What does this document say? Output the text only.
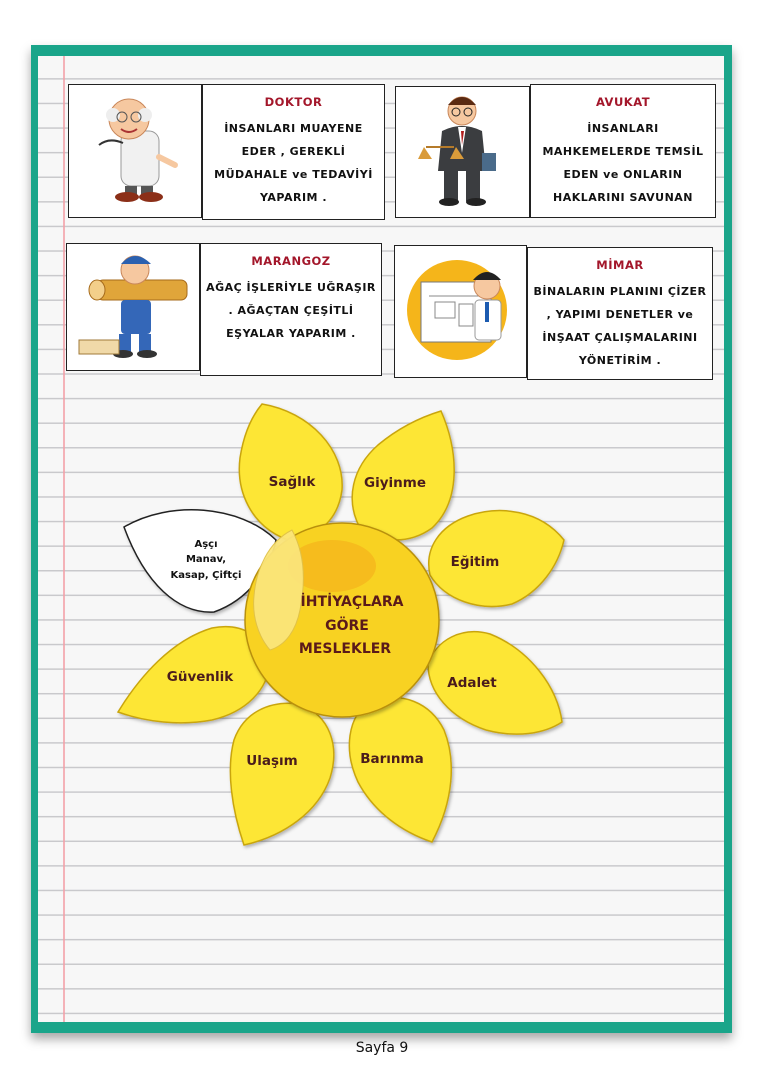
DOKTOR
İNSANLARI MUAYENE
EDER , GEREKLİ
MÜDAHALE ve TEDAVİYİ
YAPARIM .
AVUKAT
İNSANLARI
MAHKEMELERDE TEMSİL
EDEN ve ONLARIN
HAKLARINI SAVUNAN
MARANGOZ
AĞAÇ İŞLERİYLE UĞRAŞIR
. AĞAÇTAN ÇEŞİTLİ
EŞYALAR YAPARIM .
MİMAR
BİNALARIN PLANINI ÇİZER
, YAPIMI DENETLER ve
İNŞAAT ÇALIŞMALARINI
YÖNETİRİM .
İHTİYAÇLARA
GÖRE
MESLEKLER
Sağlık	Giyinme
Eğitim
Adalet
Barınma
Ulaşım
Güvenlik
Aşçı
Manav,
Kasap, Çiftçi
Sayfa 9
